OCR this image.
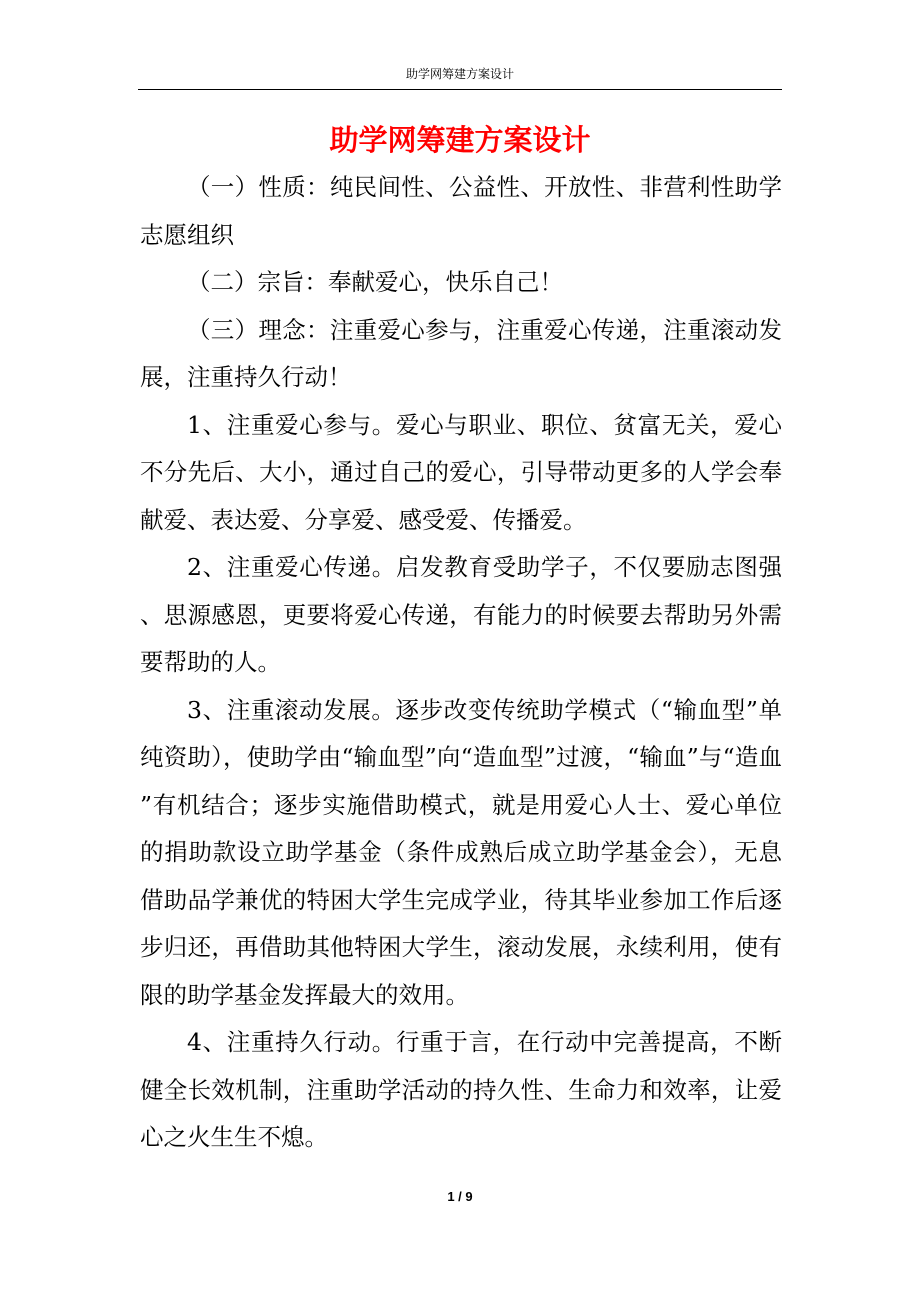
助学网筹建方案设计
助学网筹建方案设计

（一）性质：纯民间性、公益性、开放性、非营利性助学志愿组织

（二）宗旨：奉献爱心，快乐自己！

（三）理念：注重爱心参与，注重爱心传递，注重滚动发展，注重持久行动！

1、注重爱心参与。爱心与职业、职位、贫富无关，爱心不分先后、大小，通过自己的爱心，引导带动更多的人学会奉献爱、表达爱、分享爱、感受爱、传播爱。

2、注重爱心传递。启发教育受助学子，不仅要励志图强、思源感恩，更要将爱心传递，有能力的时候要去帮助另外需要帮助的人。

3、注重滚动发展。逐步改变传统助学模式（“输血型”单纯资助），使助学由“输血型”向“造血型”过渡，“输血”与“造血”有机结合；逐步实施借助模式，就是用爱心人士、爱心单位的捐助款设立助学基金（条件成熟后成立助学基金会），无息借助品学兼优的特困大学生完成学业，待其毕业参加工作后逐步归还，再借助其他特困大学生，滚动发展，永续利用，使有限的助学基金发挥最大的效用。

4、注重持久行动。行重于言，在行动中完善提高，不断健全长效机制，注重助学活动的持久性、生命力和效率，让爱心之火生生不熄。

1 / 9
